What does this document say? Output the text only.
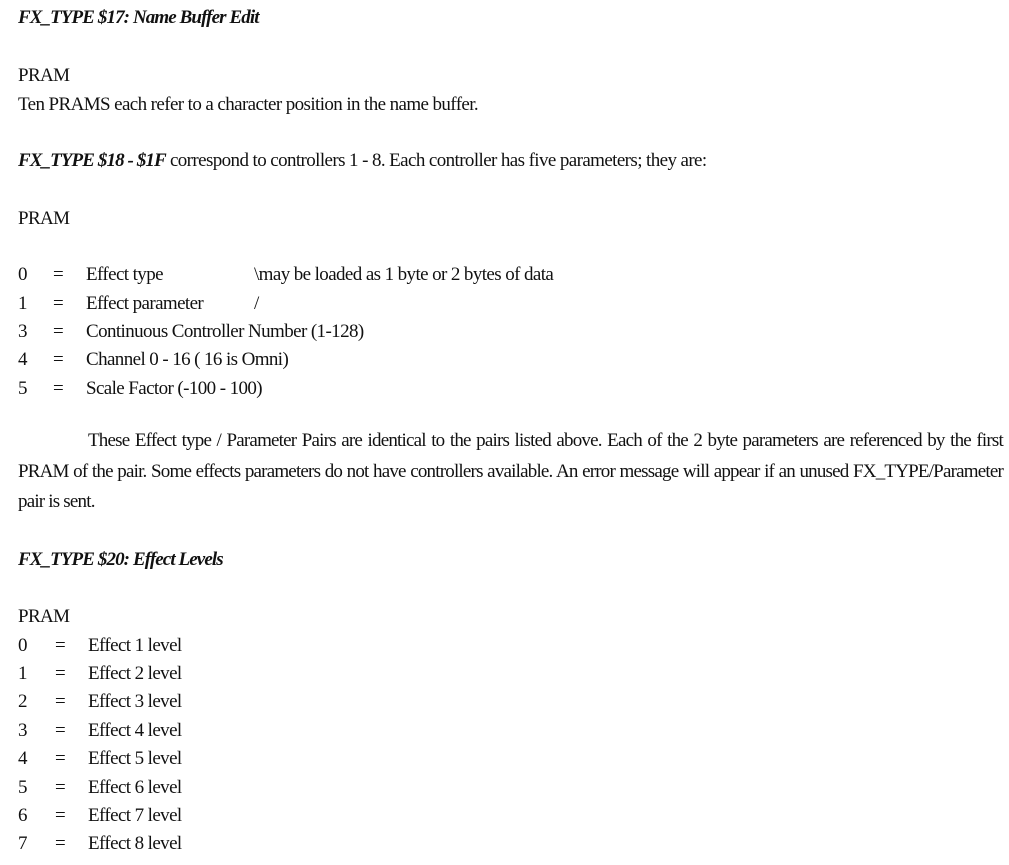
FX_TYPE $17: Name Buffer Edit
PRAM
Ten PRAMS each refer to a character position in the name buffer.
FX_TYPE $18 - $1F correspond to controllers 1 - 8. Each controller has five parameters; they are:
PRAM
0	=	Effect type	\may be loaded as 1 byte or 2 bytes of data
1	=	Effect parameter	/
3	=	Continuous Controller Number (1-128)
4	=	Channel 0 - 16 ( 16 is Omni)
5	=	Scale Factor (-100 - 100)
These Effect type / Parameter Pairs are identical to the pairs listed above. Each of the 2 byte parameters are referenced by the first PRAM of the pair. Some effects parameters do not have controllers available. An error message will appear if an unused FX_TYPE/Parameter pair is sent.
FX_TYPE $20: Effect Levels
PRAM
0	=	Effect 1 level
1	=	Effect 2 level
2	=	Effect 3 level
3	=	Effect 4 level
4	=	Effect 5 level
5	=	Effect 6 level
6	=	Effect 7 level
7	=	Effect 8 level
